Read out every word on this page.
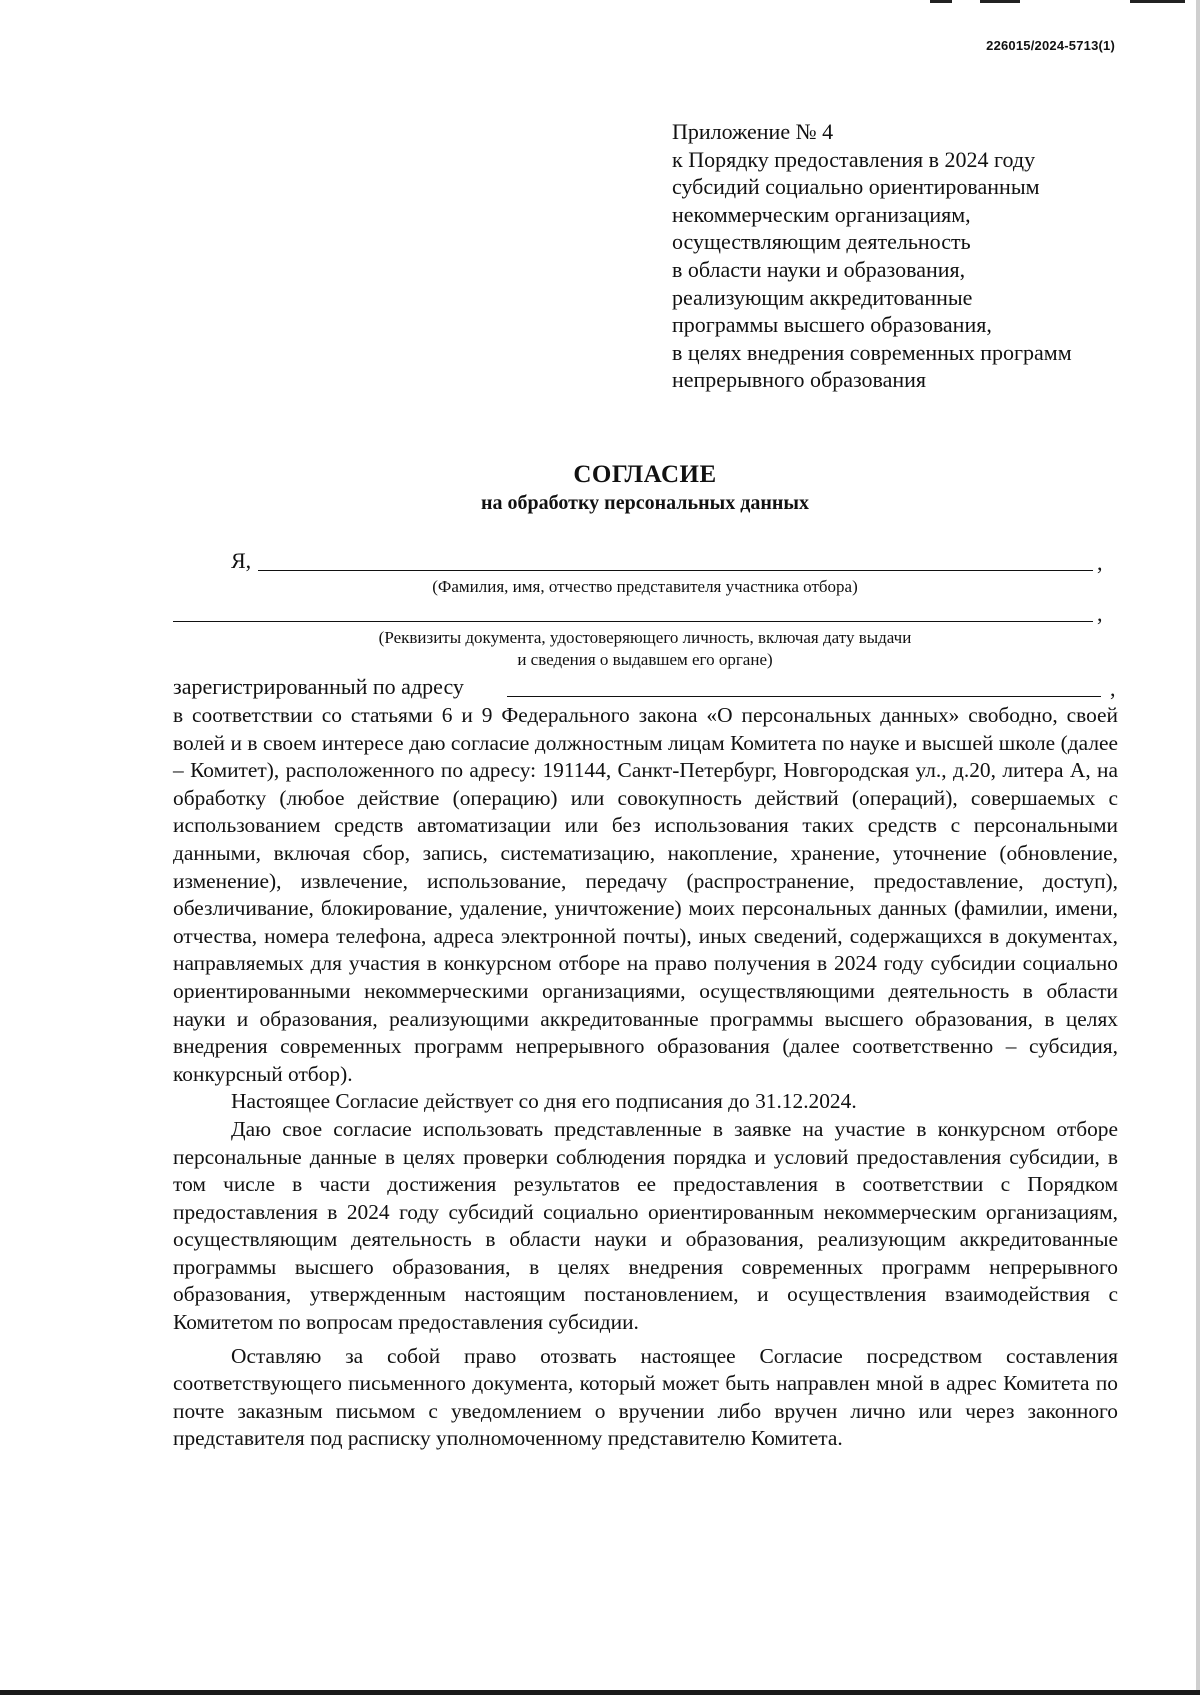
226015/2024-5713(1)
Приложение № 4
к Порядку предоставления в 2024 году
субсидий социально ориентированным
некоммерческим организациям,
осуществляющим деятельность
в области науки и образования,
реализующим аккредитованные
программы высшего образования,
в целях внедрения современных программ
непрерывного образования
СОГЛАСИЕ
на обработку персональных данных
Я,	,
(Фамилия, имя, отчество представителя участника отбора)
,
(Реквизиты документа, удостоверяющего личность, включая дату выдачи
и сведения о выдавшем его органе)
зарегистрированный по адресу	,

в соответствии со статьями 6 и 9 Федерального закона «О персональных данных» свободно, своей волей и в своем интересе даю согласие должностным лицам Комитета по науке и высшей школе (далее – Комитет), расположенного по адресу: 191144, Санкт-Петербург, Новгородская ул., д.20, литера А, на обработку (любое действие (операцию) или совокупность действий (операций), совершаемых с использованием средств автоматизации или без использования таких средств с персональными данными, включая сбор, запись, систематизацию, накопление, хранение, уточнение (обновление, изменение), извлечение, использование, передачу (распространение, предоставление, доступ), обезличивание, блокирование, удаление, уничтожение) моих персональных данных (фамилии, имени, отчества, номера телефона, адреса электронной почты), иных сведений, содержащихся в документах, направляемых для участия в конкурсном отборе на право получения в 2024 году субсидии социально ориентированными некоммерческими организациями, осуществляющими деятельность в области науки и образования, реализующими аккредитованные программы высшего образования, в целях внедрения современных программ непрерывного образования (далее соответственно – субсидия, конкурсный отбор).

Настоящее Согласие действует со дня его подписания до 31.12.2024.

Даю свое согласие использовать представленные в заявке на участие в конкурсном отборе персональные данные в целях проверки соблюдения порядка и условий предоставления субсидии, в том числе в части достижения результатов ее предоставления в соответствии с Порядком предоставления в 2024 году субсидий социально ориентированным некоммерческим организациям, осуществляющим деятельность в области науки и образования, реализующим аккредитованные программы высшего образования, в целях внедрения современных программ непрерывного образования, утвержденным настоящим постановлением, и осуществления взаимодействия с Комитетом по вопросам предоставления субсидии.

Оставляю за собой право отозвать настоящее Согласие посредством составления соответствующего письменного документа, который может быть направлен мной в адрес Комитета по почте заказным письмом с уведомлением о вручении либо вручен лично или через законного представителя под расписку уполномоченному представителю Комитета.
